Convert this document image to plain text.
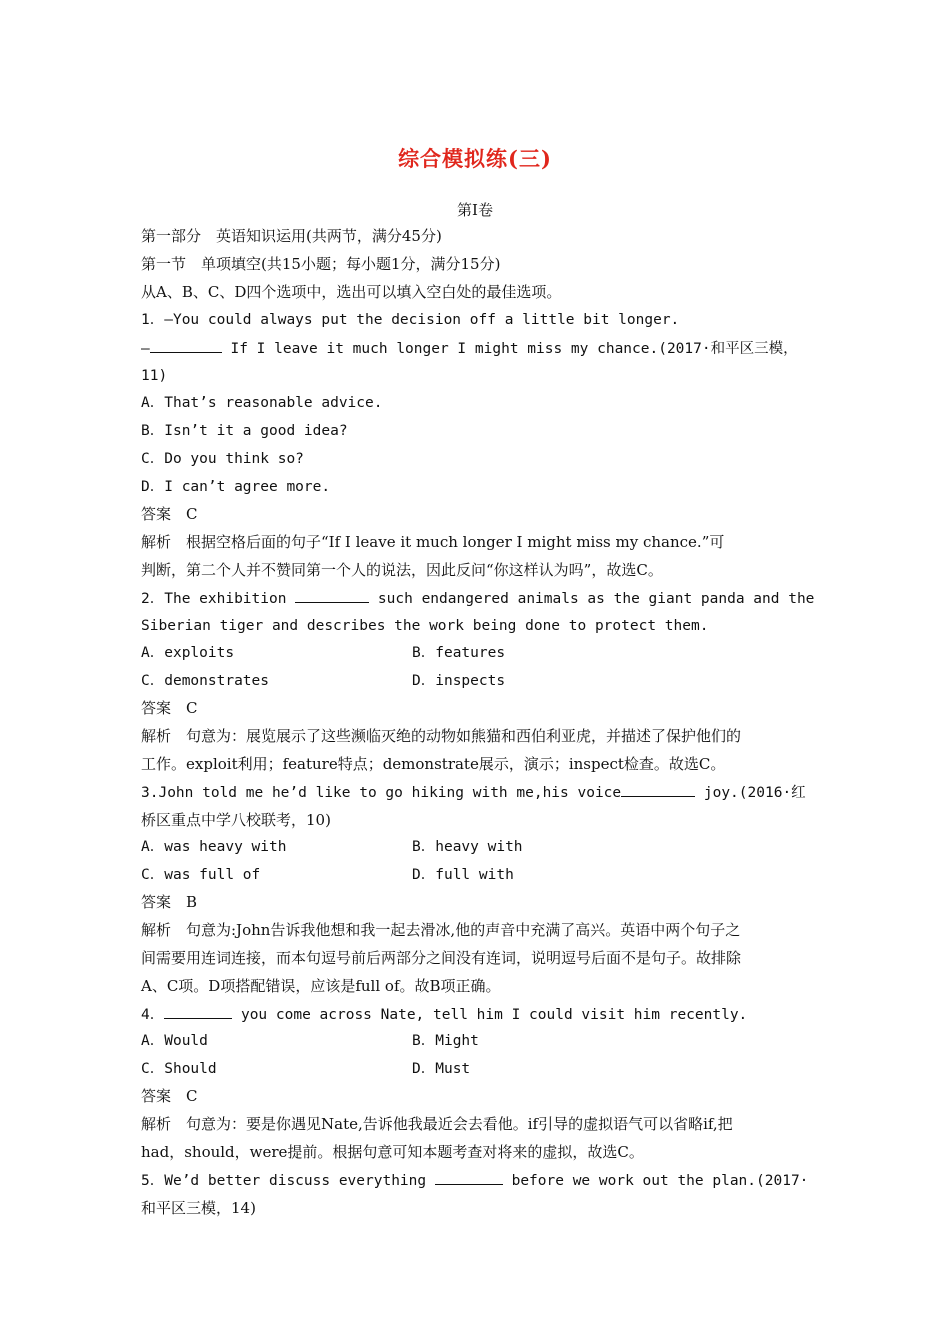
综合模拟练(三)
第Ⅰ卷
第一部分　英语知识运用(共两节，满分45分)
第一节　单项填空(共15小题；每小题1分，满分15分)
从A、B、C、D四个选项中，选出可以填入空白处的最佳选项。
1．—You could always put the decision off a little bit longer.
—	If I leave it much longer I might miss my chance.(2017·和平区三模，
11)
A．That’s reasonable advice.
B．Isn’t it a good idea?
C．Do you think so?
D．I can’t agree more.
答案　C
解析　根据空格后面的句子“If I leave it much longer I might miss my chance.”可
判断，第二个人并不赞同第一个人的说法，因此反问“你这样认为吗”，故选C。
2．The exhibition	such endangered animals as the giant panda and the
Siberian tiger and describes the work being done to protect them.
A．exploits	B．features
C．demonstrates	D．inspects
答案　C
解析　句意为：展览展示了这些濒临灭绝的动物如熊猫和西伯利亚虎，并描述了保护他们的
工作。exploit利用；feature特点；demonstrate展示，演示；inspect检查。故选C。
3.John told me he’d like to go hiking with me,his voice	joy.(2016·红
桥区重点中学八校联考，10)
A．was heavy with	B．heavy with
C．was full of	D．full with
答案　B
解析　句意为:John告诉我他想和我一起去滑冰,他的声音中充满了高兴。英语中两个句子之
间需要用连词连接，而本句逗号前后两部分之间没有连词，说明逗号后面不是句子。故排除
A、C项。D项搭配错误，应该是full of。故B项正确。
4．	you come across Nate, tell him I could visit him recently.
A．Would	B．Might
C．Should	D．Must
答案　C
解析　句意为：要是你遇见Nate,告诉他我最近会去看他。if引导的虚拟语气可以省略if,把
had，should，were提前。根据句意可知本题考查对将来的虚拟，故选C。
5．We’d better discuss everything	before we work out the plan.(2017·
和平区三模，14)
